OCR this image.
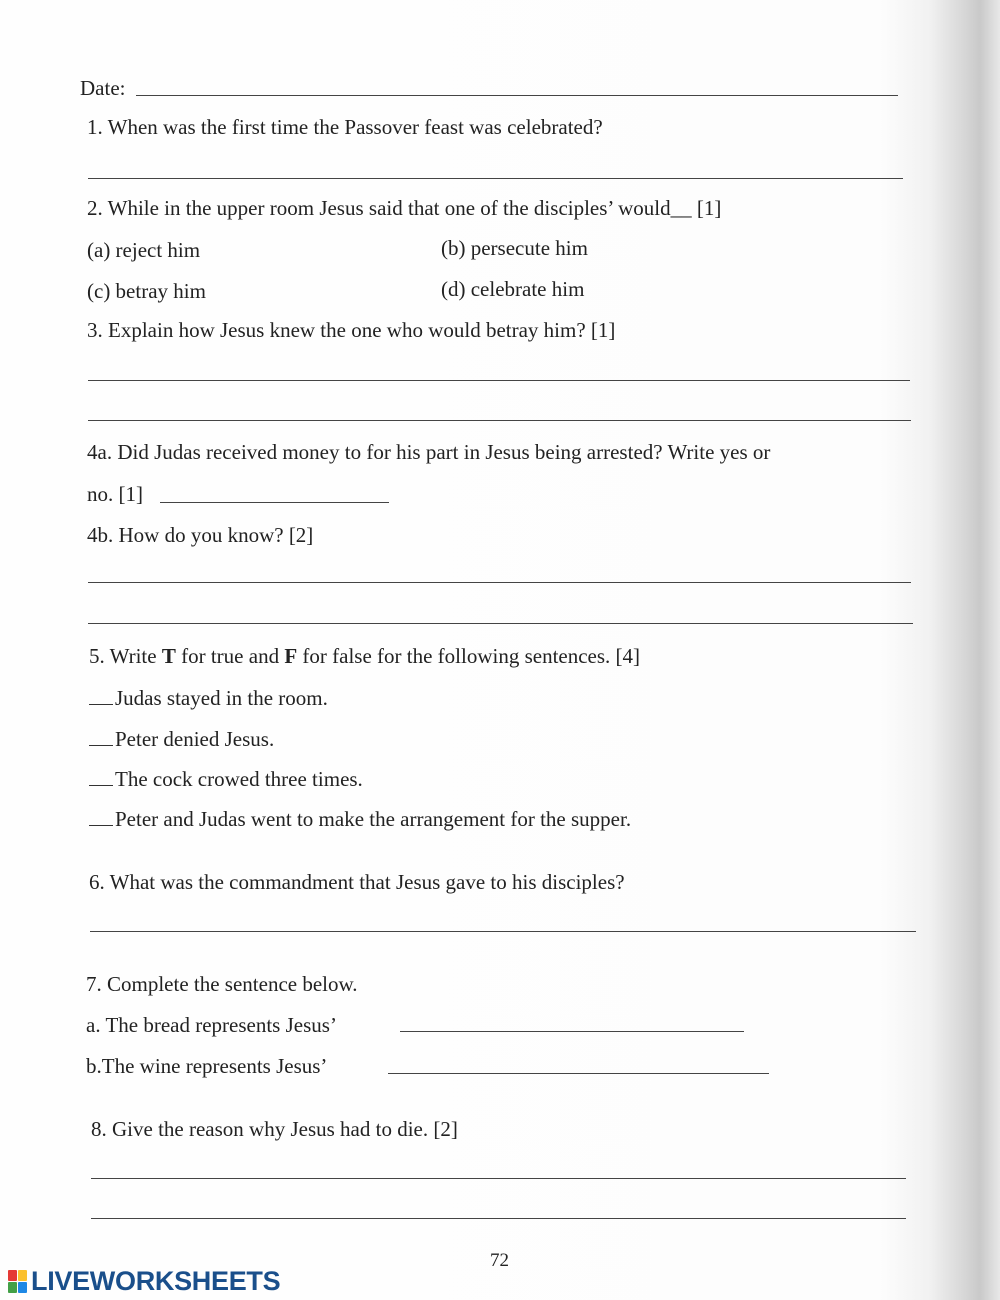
Date:
1. When was the first time the Passover feast was celebrated?
2. While in the upper room Jesus said that one of the disciples’ would__ [1]
(a) reject him	(b) persecute him
(c) betray him	(d) celebrate him
3. Explain how Jesus knew the one who would betray him? [1]
4a. Did Judas received money to for his part in Jesus being arrested? Write yes or
no. [1]
4b. How do you know? [2]
5. Write T for true and F for false for the following sentences. [4]
Judas stayed in the room.
Peter denied Jesus.
The cock crowed three times.
Peter and Judas went to make the arrangement for the supper.
6. What was the commandment that Jesus gave to his disciples?
7. Complete the sentence below.
a. The bread represents Jesus’
b.The wine represents Jesus’
8. Give the reason why Jesus had to die. [2]
72
LIVEWORKSHEETS
